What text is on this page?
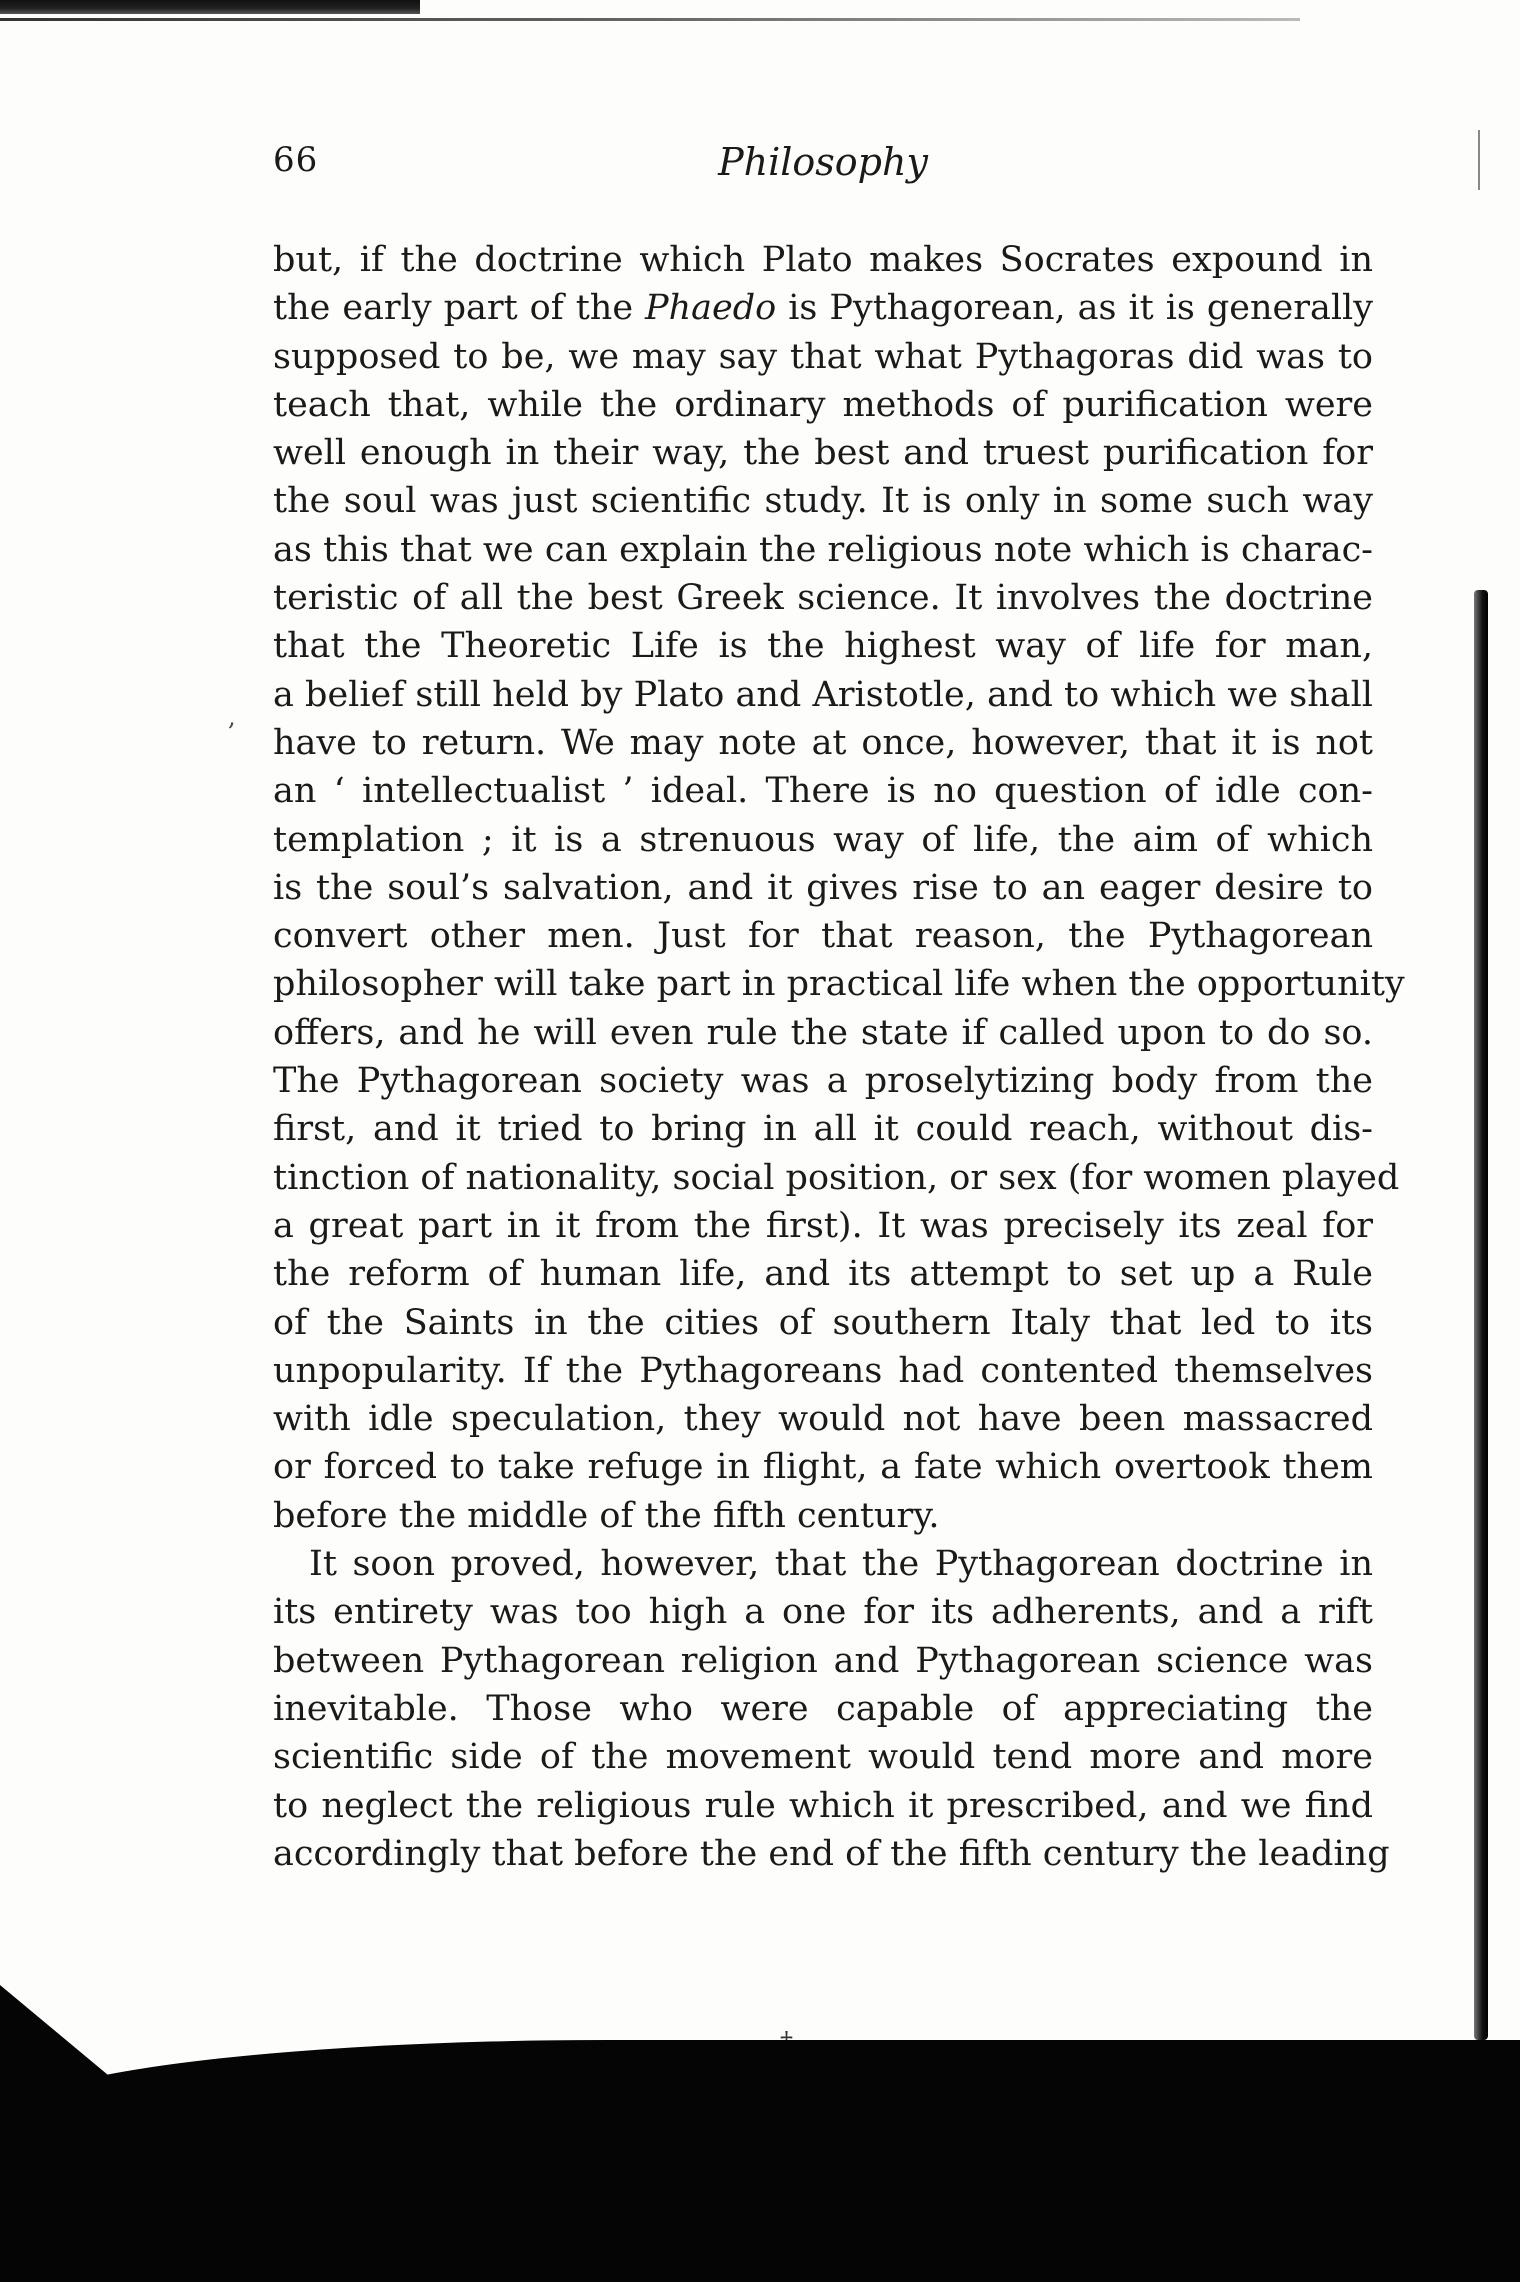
66	Philosophy
,
but, if the doctrine which Plato makes Socrates expound in
the early part of the Phaedo is Pythagorean, as it is generally
supposed to be, we may say that what Pythagoras did was to
teach that, while the ordinary methods of purification were
well enough in their way, the best and truest purification for
the soul was just scientific study. It is only in some such way
as this that we can explain the religious note which is charac-
teristic of all the best Greek science. It involves the doctrine
that the Theoretic Life is the highest way of life for man,
a belief still held by Plato and Aristotle, and to which we shall
have to return. We may note at once, however, that it is not
an ‘ intellectualist ’ ideal. There is no question of idle con-
templation ; it is a strenuous way of life, the aim of which
is the soul’s salvation, and it gives rise to an eager desire to
convert other men. Just for that reason, the Pythagorean
philosopher will take part in practical life when the opportunity
offers, and he will even rule the state if called upon to do so.
The Pythagorean society was a proselytizing body from the
first, and it tried to bring in all it could reach, without dis-
tinction of nationality, social position, or sex (for women played
a great part in it from the first). It was precisely its zeal for
the reform of human life, and its attempt to set up a Rule
of the Saints in the cities of southern Italy that led to its
unpopularity. If the Pythagoreans had contented themselves
with idle speculation, they would not have been massacred
or forced to take refuge in flight, a fate which overtook them
before the middle of the fifth century.
It soon proved, however, that the Pythagorean doctrine in
its entirety was too high a one for its adherents, and a rift
between Pythagorean religion and Pythagorean science was
inevitable. Those who were capable of appreciating the
scientific side of the movement would tend more and more
to neglect the religious rule which it prescribed, and we find
accordingly that before the end of the fifth century the leading
